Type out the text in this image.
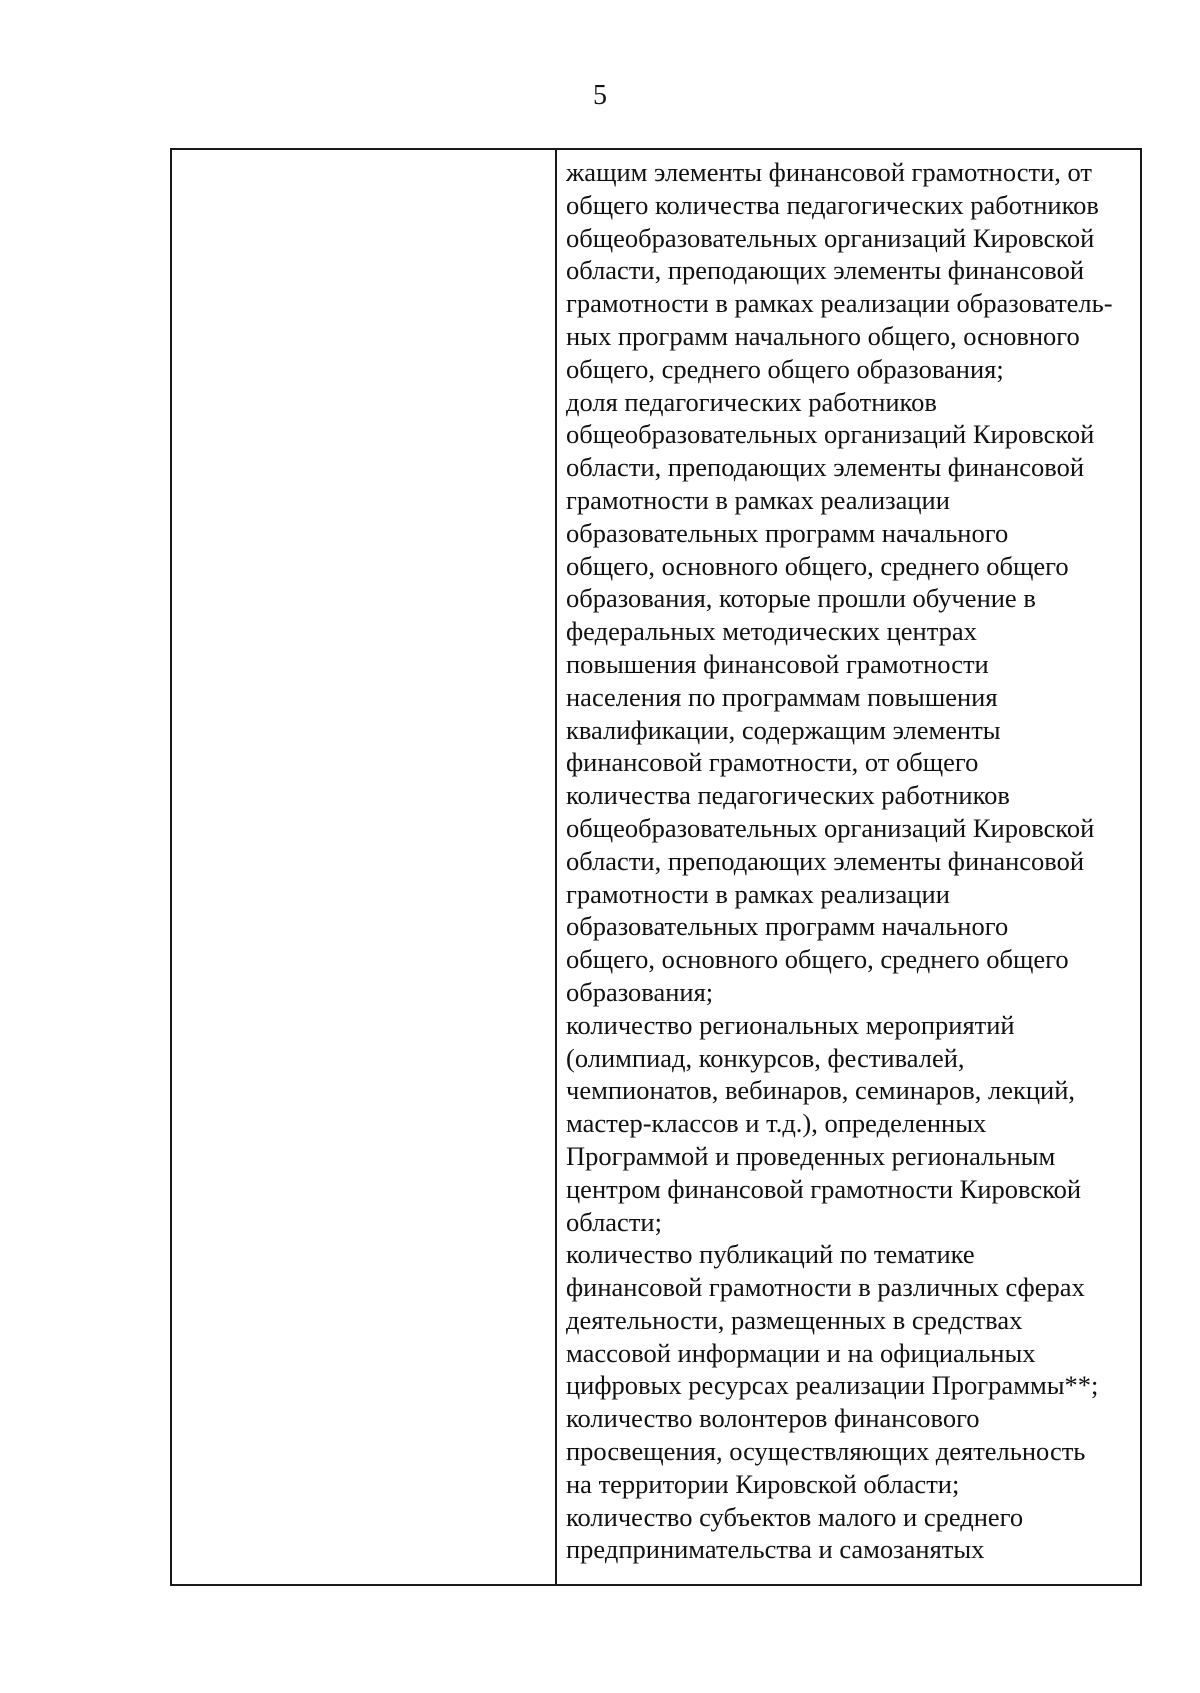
5
жащим элементы финансовой грамотности, от
общего количества педагогических работников
общеобразовательных организаций Кировской
области, преподающих элементы финансовой
грамотности в рамках реализации образователь-
ных программ начального общего, основного
общего, среднего общего образования;
доля педагогических работников
общеобразовательных организаций Кировской
области, преподающих элементы финансовой
грамотности в рамках реализации
образовательных программ начального
общего, основного общего, среднего общего
образования, которые прошли обучение в
федеральных методических центрах
повышения финансовой грамотности
населения по программам повышения
квалификации, содержащим элементы
финансовой грамотности, от общего
количества педагогических работников
общеобразовательных организаций Кировской
области, преподающих элементы финансовой
грамотности в рамках реализации
образовательных программ начального
общего, основного общего, среднего общего
образования;
количество региональных мероприятий
(олимпиад, конкурсов, фестивалей,
чемпионатов, вебинаров, семинаров, лекций,
мастер-классов и т.д.), определенных
Программой и проведенных региональным
центром финансовой грамотности Кировской
области;
количество публикаций по тематике
финансовой грамотности в различных сферах
деятельности, размещенных в средствах
массовой информации и на официальных
цифровых ресурсах реализации Программы**;
количество волонтеров финансового
просвещения, осуществляющих деятельность
на территории Кировской области;
количество субъектов малого и среднего
предпринимательства и самозанятых
